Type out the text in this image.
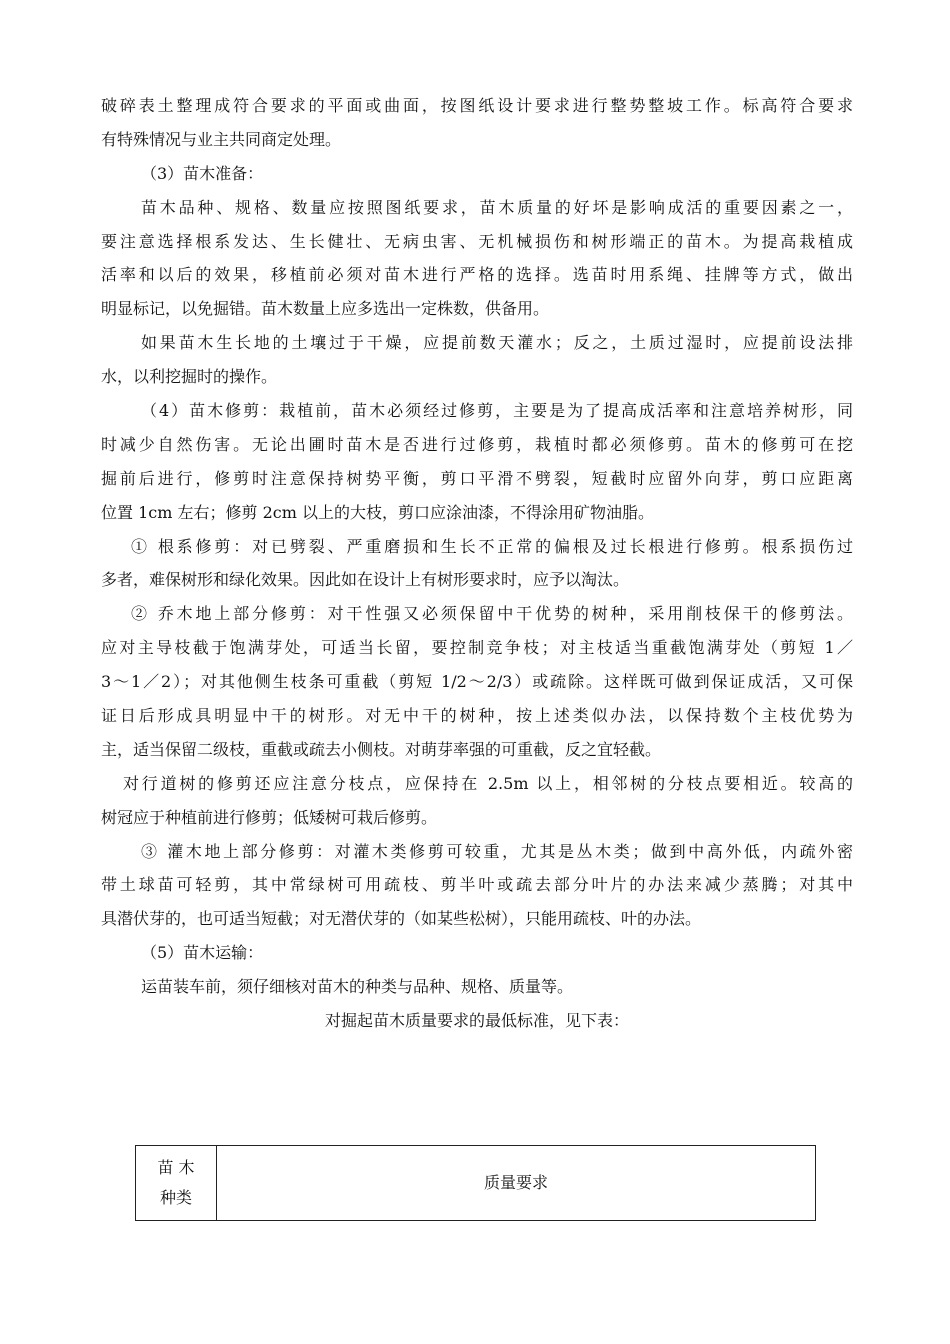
破碎表土整理成符合要求的平面或曲面，按图纸设计要求进行整势整坡工作。标高符合要求
有特殊情况与业主共同商定处理。
（3）苗木准备：
苗木品种、规格、数量应按照图纸要求，苗木质量的好坏是影响成活的重要因素之一，
要注意选择根系发达、生长健壮、无病虫害、无机械损伤和树形端正的苗木。为提高栽植成
活率和以后的效果，移植前必须对苗木进行严格的选择。选苗时用系绳、挂牌等方式，做出
明显标记，以免掘错。苗木数量上应多选出一定株数，供备用。
如果苗木生长地的土壤过于干燥，应提前数天灌水；反之，土质过湿时，应提前设法排
水，以利挖掘时的操作。
（4）苗木修剪：栽植前，苗木必须经过修剪，主要是为了提高成活率和注意培养树形，同
时减少自然伤害。无论出圃时苗木是否进行过修剪，栽植时都必须修剪。苗木的修剪可在挖
掘前后进行，修剪时注意保持树势平衡，剪口平滑不劈裂，短截时应留外向芽，剪口应距离
位置 1cm 左右；修剪 2cm 以上的大枝，剪口应涂油漆，不得涂用矿物油脂。
① 根系修剪：对已劈裂、严重磨损和生长不正常的偏根及过长根进行修剪。根系损伤过
多者，难保树形和绿化效果。因此如在设计上有树形要求时，应予以淘汰。
② 乔木地上部分修剪：对干性强又必须保留中干优势的树种，采用削枝保干的修剪法。
应对主导枝截于饱满芽处，可适当长留，要控制竞争枝；对主枝适当重截饱满芽处（剪短 1／
3～1／2）；对其他侧生枝条可重截（剪短 1/2～2/3）或疏除。这样既可做到保证成活，又可保
证日后形成具明显中干的树形。对无中干的树种，按上述类似办法，以保持数个主枝优势为
主，适当保留二级枝，重截或疏去小侧枝。对萌芽率强的可重截，反之宜轻截。
对行道树的修剪还应注意分枝点，应保持在 2.5m 以上，相邻树的分枝点要相近。较高的
树冠应于种植前进行修剪；低矮树可栽后修剪。
③ 灌木地上部分修剪：对灌木类修剪可较重，尤其是丛木类；做到中高外低，内疏外密
带土球苗可轻剪，其中常绿树可用疏枝、剪半叶或疏去部分叶片的办法来减少蒸腾；对其中
具潜伏芽的，也可适当短截；对无潜伏芽的（如某些松树），只能用疏枝、叶的办法。
（5）苗木运输：
运苗装车前，须仔细核对苗木的种类与品种、规格、质量等。
对掘起苗木质量要求的最低标准，见下表：
苗 木
种类
	质量要求
